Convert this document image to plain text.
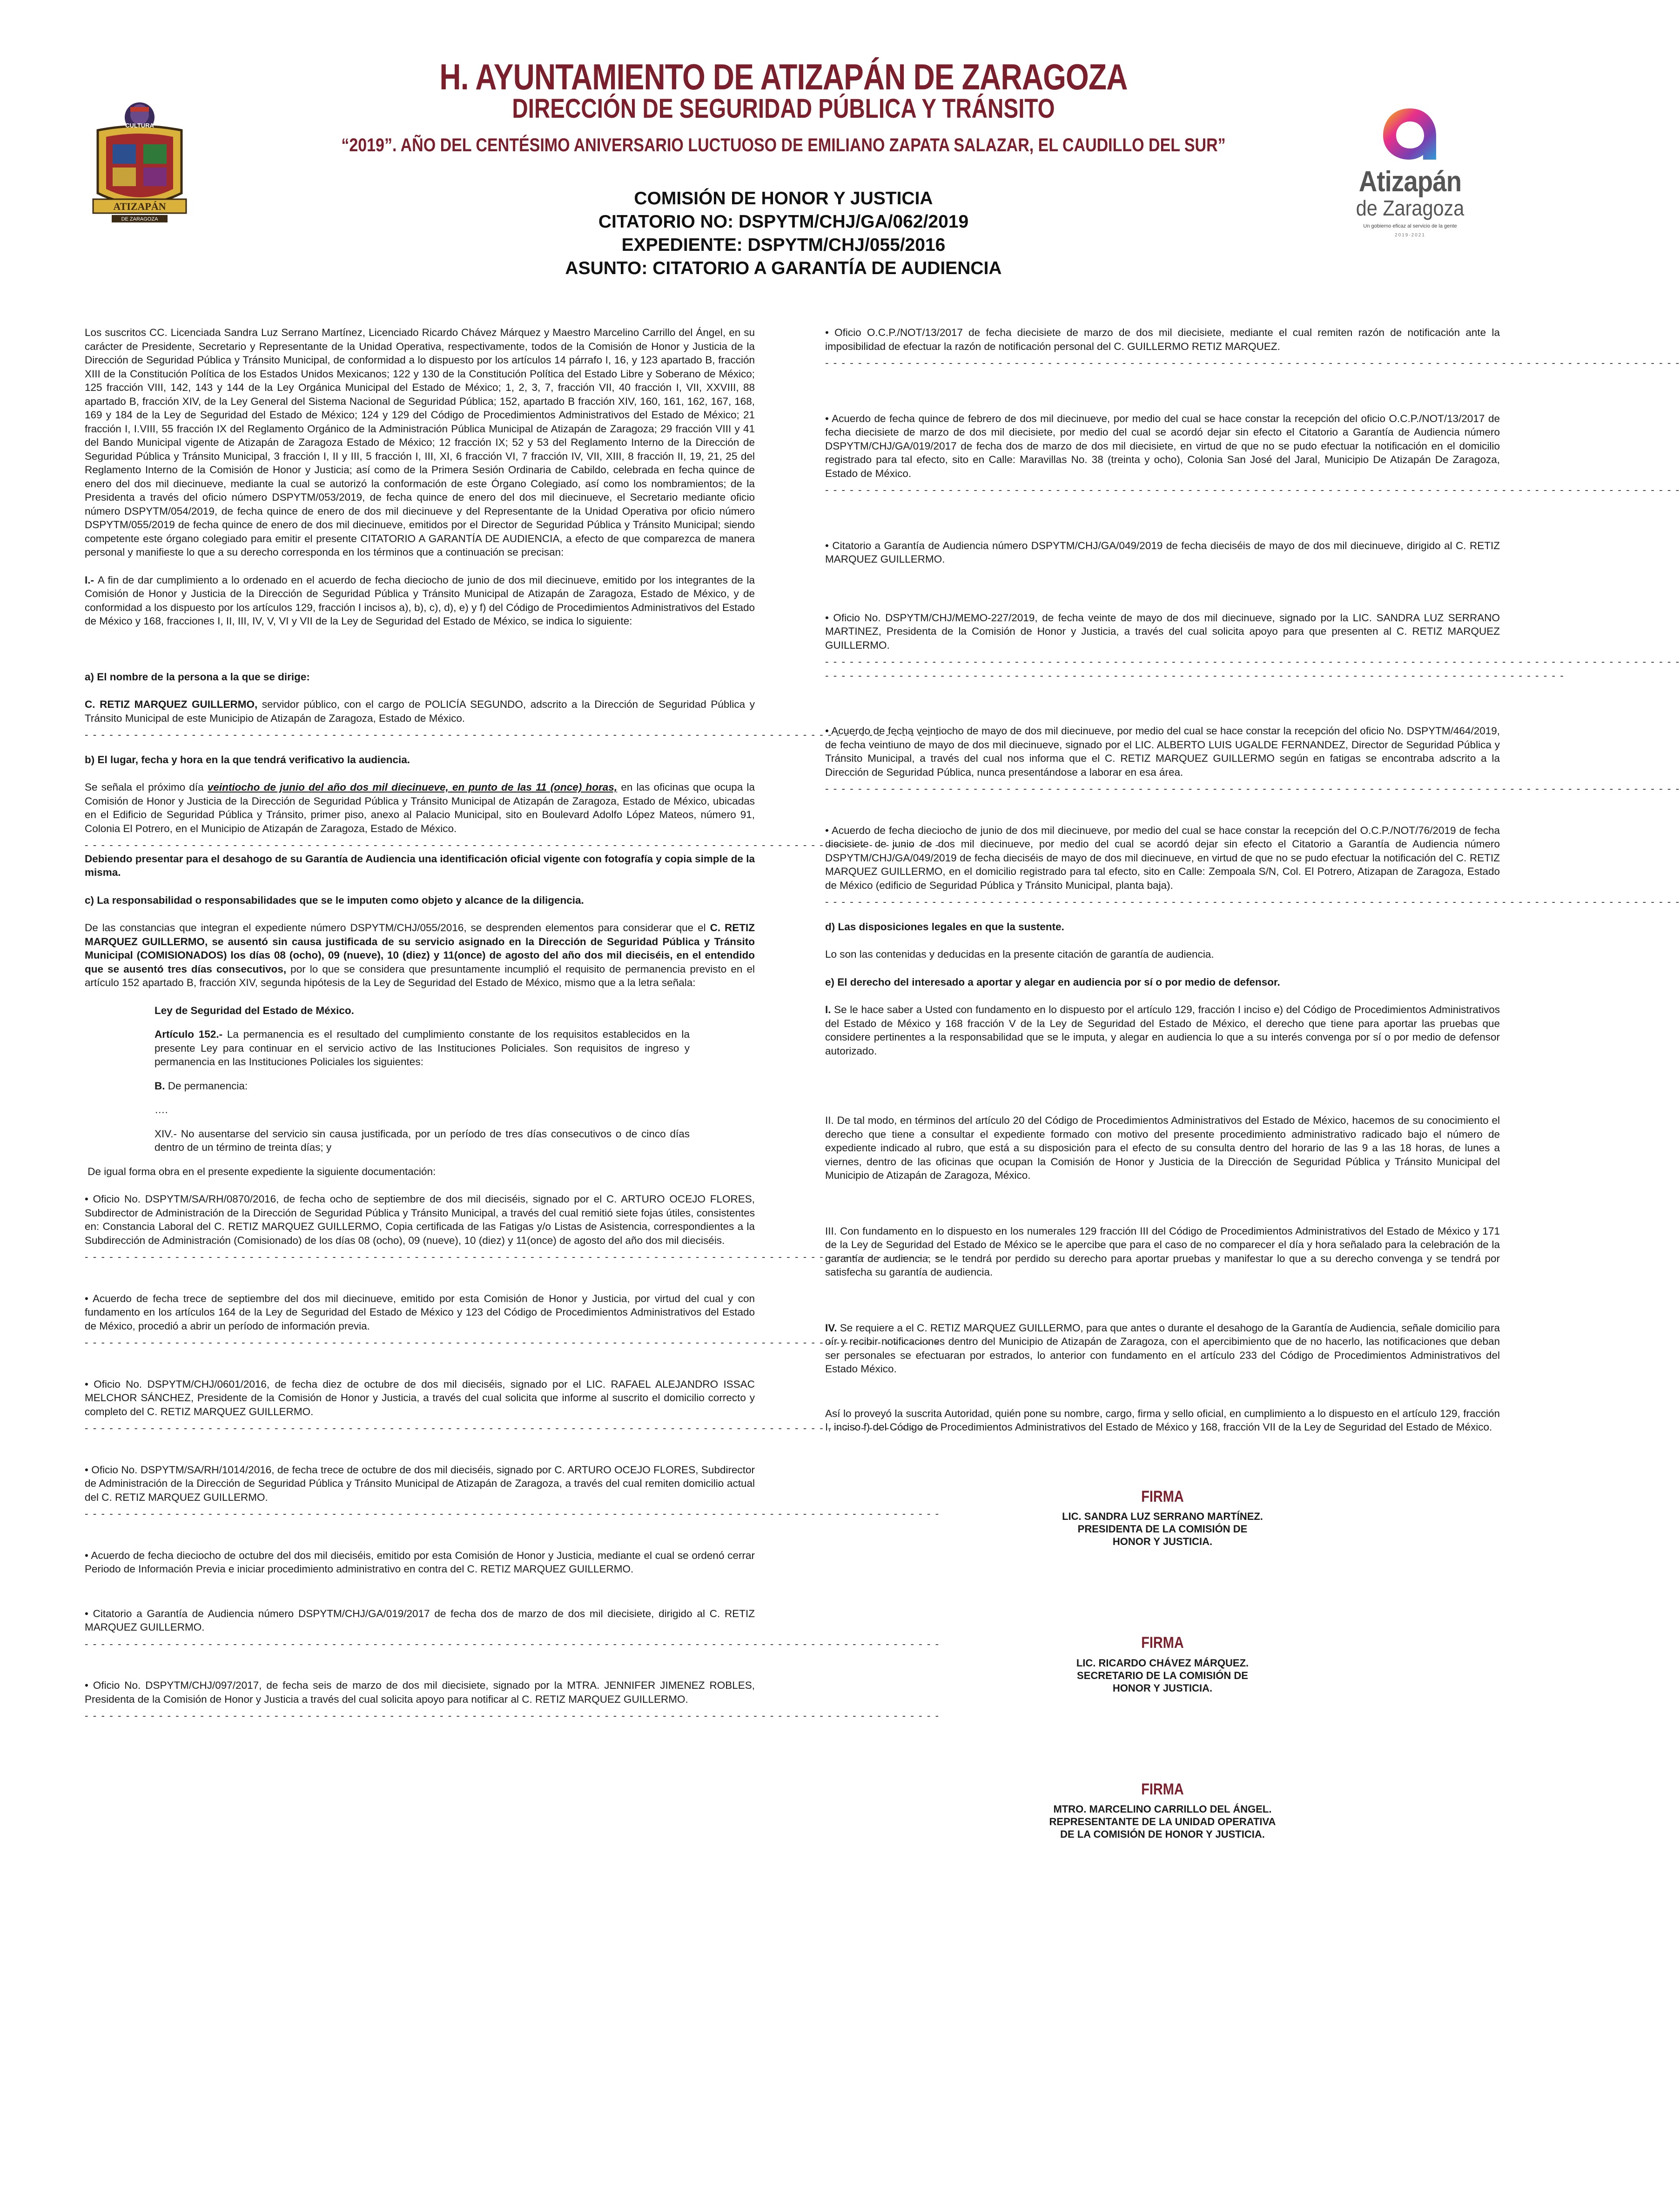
H. AYUNTAMIENTO DE ATIZAPÁN DE ZARAGOZA
DIRECCIÓN DE SEGURIDAD PÚBLICA Y TRÁNSITO
“2019”. AÑO DEL CENTÉSIMO ANIVERSARIO LUCTUOSO DE EMILIANO ZAPATA SALAZAR, EL CAUDILLO DEL SUR”
ATIZAPÁN
DE ZARAGOZA
CULTURA
Atizapán
de Zaragoza
Un gobierno eficaz al servicio de la gente
2019-2021
COMISIÓN DE HONOR Y JUSTICIA
CITATORIO NO: DSPYTM/CHJ/GA/062/2019
EXPEDIENTE: DSPYTM/CHJ/055/2016
ASUNTO: CITATORIO A GARANTÍA DE AUDIENCIA
Los suscritos CC. Licenciada Sandra Luz Serrano Martínez, Licenciado Ricardo Chávez Márquez y Maestro Marcelino Carrillo del Ángel, en su carácter de Presidente, Secretario y Representante de la Unidad Operativa, respectivamente, todos de la Comisión de Honor y Justicia de la Dirección de Seguridad Pública y Tránsito Municipal, de conformidad a lo dispuesto por los artículos 14 párrafo I, 16, y 123 apartado B, fracción XIII de la Constitución Política de los Estados Unidos Mexicanos; 122 y 130 de la Constitución Política del Estado Libre y Soberano de México; 125 fracción VIII, 142, 143 y 144 de la Ley Orgánica Municipal del Estado de México; 1, 2, 3, 7, fracción VII, 40 fracción I, VII, XXVIII, 88 apartado B, fracción XIV, de la Ley General del Sistema Nacional de Seguridad Pública; 152, apartado B fracción XIV, 160, 161, 162, 167, 168, 169 y 184 de la Ley de Seguridad del Estado de México; 124 y 129 del Código de Procedimientos Administrativos del Estado de México; 21 fracción I, I.VIII, 55 fracción IX del Reglamento Orgánico de la Administración Pública Municipal de Atizapán de Zaragoza; 29 fracción VIII y 41 del Bando Municipal vigente de Atizapán de Zaragoza Estado de México; 12 fracción IX; 52 y 53 del Reglamento Interno de la Dirección de Seguridad Pública y Tránsito Municipal, 3 fracción I, II y III, 5 fracción I, III, XI, 6 fracción VI, 7 fracción IV, VII, XIII, 8 fracción II, 19, 21, 25 del Reglamento Interno de la Comisión de Honor y Justicia; así como de la Primera Sesión Ordinaria de Cabildo, celebrada en fecha quince de enero del dos mil diecinueve, mediante la cual se autorizó la conformación de este Órgano Colegiado, así como los nombramientos; de la Presidenta a través del oficio número DSPYTM/053/2019, de fecha quince de enero del dos mil diecinueve, el Secretario mediante oficio número DSPYTM/054/2019, de fecha quince de enero de dos mil diecinueve y del Representante de la Unidad Operativa por oficio número DSPYTM/055/2019 de fecha quince de enero de dos mil diecinueve, emitidos por el Director de Seguridad Pública y Tránsito Municipal; siendo competente este órgano colegiado para emitir el presente CITATORIO A GARANTÍA DE AUDIENCIA, a efecto de que comparezca de manera personal y manifieste lo que a su derecho corresponda en los términos que a continuación se precisan:
I.- A fin de dar cumplimiento a lo ordenado en el acuerdo de fecha dieciocho de junio de dos mil diecinueve, emitido por los integrantes de la Comisión de Honor y Justicia de la Dirección de Seguridad Pública y Tránsito Municipal de Atizapán de Zaragoza, Estado de México, y de conformidad a los dispuesto por los artículos 129, fracción I incisos a), b), c), d), e) y f) del Código de Procedimientos Administrativos del Estado de México y 168, fracciones I, II, III, IV, V, VI y VII de la Ley de Seguridad del Estado de México, se indica lo siguiente:
a) El nombre de la persona a la que se dirige:
C. RETIZ MARQUEZ GUILLERMO, servidor público, con el cargo de POLICÍA SEGUNDO, adscrito a la Dirección de Seguridad Pública y Tránsito Municipal de este Municipio de Atizapán de Zaragoza, Estado de México.
- - - - - - - - - - - - - - - - - - - - - - - - - - - - - - - - - - - - - - - - - - - - - - - - - - - - - - - - - - - - - - - - - - - - - - - - - - - - - - - - - - - - - - - - - - - - - - - - - - - - - - - -
b) El lugar, fecha y hora en la que tendrá verificativo la audiencia.
Se señala el próximo día veintiocho de junio del año dos mil diecinueve, en punto de las 11 (once) horas, en las oficinas que ocupa la Comisión de Honor y Justicia de la Dirección de Seguridad Pública y Tránsito Municipal de Atizapán de Zaragoza, Estado de México, ubicadas en el Edificio de Seguridad Pública y Tránsito, primer piso, anexo al Palacio Municipal, sito en Boulevard Adolfo López Mateos, número 91, Colonia El Potrero, en el Municipio de Atizapán de Zaragoza, Estado de México.
- - - - - - - - - - - - - - - - - - - - - - - - - - - - - - - - - - - - - - - - - - - - - - - - - - - - - - - - - - - - - - - - - - - - - - - - - - - - - - - - - - - - - - - - - - - - - - - - - - - - - - - -
Debiendo presentar para el desahogo de su Garantía de Audiencia una identificación oficial vigente con fotografía y copia simple de la misma.
c) La responsabilidad o responsabilidades que se le imputen como objeto y alcance de la diligencia.
De las constancias que integran el expediente número DSPYTM/CHJ/055/2016, se desprenden elementos para considerar que el C. RETIZ MARQUEZ GUILLERMO, se ausentó sin causa justificada de su servicio asignado en la Dirección de Seguridad Pública y Tránsito Municipal (COMISIONADOS) los días 08 (ocho), 09 (nueve), 10 (diez) y 11(once) de agosto del año dos mil dieciséis, en el entendido que se ausentó tres días consecutivos, por lo que se considera que presuntamente incumplió el requisito de permanencia previsto en el artículo 152 apartado B, fracción XIV, segunda hipótesis de la Ley de Seguridad del Estado de México, mismo que a la letra señala:
Ley de Seguridad del Estado de México.
Artículo 152.- La permanencia es el resultado del cumplimiento constante de los requisitos establecidos en la presente Ley para continuar en el servicio activo de las Instituciones Policiales. Son requisitos de ingreso y permanencia en las Instituciones Policiales los siguientes:
B. De permanencia:
….
XIV.- No ausentarse del servicio sin causa justificada, por un período de tres días consecutivos o de cinco días dentro de un término de treinta días; y
De igual forma obra en el presente expediente la siguiente documentación:
• Oficio No. DSPYTM/SA/RH/0870/2016, de fecha ocho de septiembre de dos mil dieciséis, signado por el C. ARTURO OCEJO FLORES, Subdirector de Administración de la Dirección de Seguridad Pública y Tránsito Municipal, a través del cual remitió siete fojas útiles, consistentes en: Constancia Laboral del C. RETIZ MARQUEZ GUILLERMO, Copia certificada de las Fatigas y/o Listas de Asistencia, correspondientes a la Subdirección de Administración (Comisionado) de los días 08 (ocho), 09 (nueve), 10 (diez) y 11(once) de agosto del año dos mil dieciséis.
- - - - - - - - - - - - - - - - - - - - - - - - - - - - - - - - - - - - - - - - - - - - - - - - - - - - - - - - - - - - - - - - - - - - - - - - - - - - - - - - - - - - - - - - - - - - - - - - - - - - - - - -
• Acuerdo de fecha trece de septiembre del dos mil diecinueve, emitido por esta Comisión de Honor y Justicia, por virtud del cual y con fundamento en los artículos 164 de la Ley de Seguridad del Estado de México y 123 del Código de Procedimientos Administrativos del Estado de México, procedió a abrir un período de información previa.
- - - - - - - - - - - - - - - - - - - - - - - - - - - - - - - - - - - - - - - - - - - - - - - - - - - - - - - - - - - - - - - - - - - - - - - - - - - - - - - - - - - - - - - - - - - - - - - - - - - - - - - -
• Oficio No. DSPYTM/CHJ/0601/2016, de fecha diez de octubre de dos mil dieciséis, signado por el LIC. RAFAEL ALEJANDRO ISSAC MELCHOR SÁNCHEZ, Presidente de la Comisión de Honor y Justicia, a través del cual solicita que informe al suscrito el domicilio correcto y completo del C. RETIZ MARQUEZ GUILLERMO.
- - - - - - - - - - - - - - - - - - - - - - - - - - - - - - - - - - - - - - - - - - - - - - - - - - - - - - - - - - - - - - - - - - - - - - - - - - - - - - - - - - - - - - - - - - - - - - - - - - - - - - - -
• Oficio No. DSPYTM/SA/RH/1014/2016, de fecha trece de octubre de dos mil dieciséis, signado por C. ARTURO OCEJO FLORES, Subdirector de Administración de la Dirección de Seguridad Pública y Tránsito Municipal de Atizapán de Zaragoza, a través del cual remiten domicilio actual del C. RETIZ MARQUEZ GUILLERMO.
- - - - - - - - - - - - - - - - - - - - - - - - - - - - - - - - - - - - - - - - - - - - - - - - - - - - - - - - - - - - - - - - - - - - - - - - - - - - - - - - - - - - - - - - - - - - - - - - - - - - - - - -
• Acuerdo de fecha dieciocho de octubre del dos mil dieciséis, emitido por esta Comisión de Honor y Justicia, mediante el cual se ordenó cerrar Periodo de Información Previa e iniciar procedimiento administrativo en contra del C. RETIZ MARQUEZ GUILLERMO.
• Citatorio a Garantía de Audiencia número DSPYTM/CHJ/GA/019/2017 de fecha dos de marzo de dos mil diecisiete, dirigido al C. RETIZ MARQUEZ GUILLERMO.
- - - - - - - - - - - - - - - - - - - - - - - - - - - - - - - - - - - - - - - - - - - - - - - - - - - - - - - - - - - - - - - - - - - - - - - - - - - - - - - - - - - - - - - - - - - - - - - - - - - - - - - -
• Oficio No. DSPYTM/CHJ/097/2017, de fecha seis de marzo de dos mil diecisiete, signado por la MTRA. JENNIFER JIMENEZ ROBLES, Presidenta de la Comisión de Honor y Justicia a través del cual solicita apoyo para notificar al C. RETIZ MARQUEZ GUILLERMO.
- - - - - - - - - - - - - - - - - - - - - - - - - - - - - - - - - - - - - - - - - - - - - - - - - - - - - - - - - - - - - - - - - - - - - - - - - - - - - - - - - - - - - - - - - - - - - - - - - - - - - - - -
• Oficio O.C.P./NOT/13/2017 de fecha diecisiete de marzo de dos mil diecisiete, mediante el cual remiten razón de notificación ante la imposibilidad de efectuar la razón de notificación personal del C. GUILLERMO RETIZ MARQUEZ.
- - - - - - - - - - - - - - - - - - - - - - - - - - - - - - - - - - - - - - - - - - - - - - - - - - - - - - - - - - - - - - - - - - - - - - - - - - - - - - - - - - - - - - - - - - - - - - - - - - - - - - - -
• Acuerdo de fecha quince de febrero de dos mil diecinueve, por medio del cual se hace constar la recepción del oficio O.C.P./NOT/13/2017 de fecha diecisiete de marzo de dos mil diecisiete, por medio del cual se acordó dejar sin efecto el Citatorio a Garantía de Audiencia número DSPYTM/CHJ/GA/019/2017 de fecha dos de marzo de dos mil diecisiete, en virtud de que no se pudo efectuar la notificación en el domicilio registrado para tal efecto, sito en Calle: Maravillas No. 38 (treinta y ocho), Colonia San José del Jaral, Municipio De Atizapán De Zaragoza, Estado de México.
- - - - - - - - - - - - - - - - - - - - - - - - - - - - - - - - - - - - - - - - - - - - - - - - - - - - - - - - - - - - - - - - - - - - - - - - - - - - - - - - - - - - - - - - - - - - - - - - - - - - - - - -
• Citatorio a Garantía de Audiencia número DSPYTM/CHJ/GA/049/2019 de fecha dieciséis de mayo de dos mil diecinueve, dirigido al C. RETIZ MARQUEZ GUILLERMO.
• Oficio No. DSPYTM/CHJ/MEMO-227/2019, de fecha veinte de mayo de dos mil diecinueve, signado por la LIC. SANDRA LUZ SERRANO MARTINEZ, Presidenta de la Comisión de Honor y Justicia, a través del cual solicita apoyo para que presenten al C. RETIZ MARQUEZ GUILLERMO.
- - - - - - - - - - - - - - - - - - - - - - - - - - - - - - - - - - - - - - - - - - - - - - - - - - - - - - - - - - - - - - - - - - - - - - - - - - - - - - - - - - - - - - - - - - - - - - - - - - - - - - - -
- - - - - - - - - - - - - - - - - - - - - - - - - - - - - - - - - - - - - - - - - - - - - - - - - - - - - - - - - - - - - - - - - - - - - - - - - - - - - - - - - - - - - - - - - -
• Acuerdo de fecha veintiocho de mayo de dos mil diecinueve, por medio del cual se hace constar la recepción del oficio No. DSPYTM/464/2019, de fecha veintiuno de mayo de dos mil diecinueve, signado por el LIC. ALBERTO LUIS UGALDE FERNANDEZ, Director de Seguridad Pública y Tránsito Municipal, a través del cual nos informa que el C. RETIZ MARQUEZ GUILLERMO según en fatigas se encontraba adscrito a la Dirección de Seguridad Pública, nunca presentándose a laborar en esa área.
- - - - - - - - - - - - - - - - - - - - - - - - - - - - - - - - - - - - - - - - - - - - - - - - - - - - - - - - - - - - - - - - - - - - - - - - - - - - - - - - - - - - - - - - - - - - - - - - - - - - - - - -
• Acuerdo de fecha dieciocho de junio de dos mil diecinueve, por medio del cual se hace constar la recepción del O.C.P./NOT/76/2019 de fecha diecisiete de junio de dos mil diecinueve, por medio del cual se acordó dejar sin efecto el Citatorio a Garantía de Audiencia número DSPYTM/CHJ/GA/049/2019 de fecha dieciséis de mayo de dos mil diecinueve, en virtud de que no se pudo efectuar la notificación del C. RETIZ MARQUEZ GUILLERMO, en el domicilio registrado para tal efecto, sito en Calle: Zempoala S/N, Col. El Potrero, Atizapan de Zaragoza, Estado de México (edificio de Seguridad Pública y Tránsito Municipal, planta baja).
- - - - - - - - - - - - - - - - - - - - - - - - - - - - - - - - - - - - - - - - - - - - - - - - - - - - - - - - - - - - - - - - - - - - - - - - - - - - - - - - - - - - - - - - - - - - - - - - - - - - - - - -
d) Las disposiciones legales en que la sustente.
Lo son las contenidas y deducidas en la presente citación de garantía de audiencia.
e) El derecho del interesado a aportar y alegar en audiencia por sí o por medio de defensor.
I. Se le hace saber a Usted con fundamento en lo dispuesto por el artículo 129, fracción I inciso e) del Código de Procedimientos Administrativos del Estado de México y 168 fracción V de la Ley de Seguridad del Estado de México, el derecho que tiene para aportar las pruebas que considere pertinentes a la responsabilidad que se le imputa, y alegar en audiencia lo que a su interés convenga por sí o por medio de defensor autorizado.
II. De tal modo, en términos del artículo 20 del Código de Procedimientos Administrativos del Estado de México, hacemos de su conocimiento el derecho que tiene a consultar el expediente formado con motivo del presente procedimiento administrativo radicado bajo el número de expediente indicado al rubro, que está a su disposición para el efecto de su consulta dentro del horario de las 9 a las 18 horas, de lunes a viernes, dentro de las oficinas que ocupan la Comisión de Honor y Justicia de la Dirección de Seguridad Pública y Tránsito Municipal del Municipio de Atizapán de Zaragoza, México.
III. Con fundamento en lo dispuesto en los numerales 129 fracción III del Código de Procedimientos Administrativos del Estado de México y 171 de la Ley de Seguridad del Estado de México se le apercibe que para el caso de no comparecer el día y hora señalado para la celebración de la garantía de audiencia, se le tendrá por perdido su derecho para aportar pruebas y manifestar lo que a su derecho convenga y se tendrá por satisfecha su garantía de audiencia.
IV. Se requiere a el C. RETIZ MARQUEZ GUILLERMO, para que antes o durante el desahogo de la Garantía de Audiencia, señale domicilio para oír y recibir notificaciones dentro del Municipio de Atizapán de Zaragoza, con el apercibimiento que de no hacerlo, las notificaciones que deban ser personales se efectuaran por estrados, lo anterior con fundamento en el artículo 233 del Código de Procedimientos Administrativos del Estado México.
Así lo proveyó la suscrita Autoridad, quién pone su nombre, cargo, firma y sello oficial, en cumplimiento a lo dispuesto en el artículo 129, fracción I, inciso f) del Código de Procedimientos Administrativos del Estado de México y 168, fracción VII de la Ley de Seguridad del Estado de México.
FIRMA
LIC. SANDRA LUZ SERRANO MARTÍNEZ.
PRESIDENTA DE LA COMISIÓN DE
HONOR Y JUSTICIA.
FIRMA
LIC. RICARDO CHÁVEZ MÁRQUEZ.
SECRETARIO DE LA COMISIÓN DE
HONOR Y JUSTICIA.
FIRMA
MTRO. MARCELINO CARRILLO DEL ÁNGEL.
REPRESENTANTE DE LA UNIDAD OPERATIVA
DE LA COMISIÓN DE HONOR Y JUSTICIA.
